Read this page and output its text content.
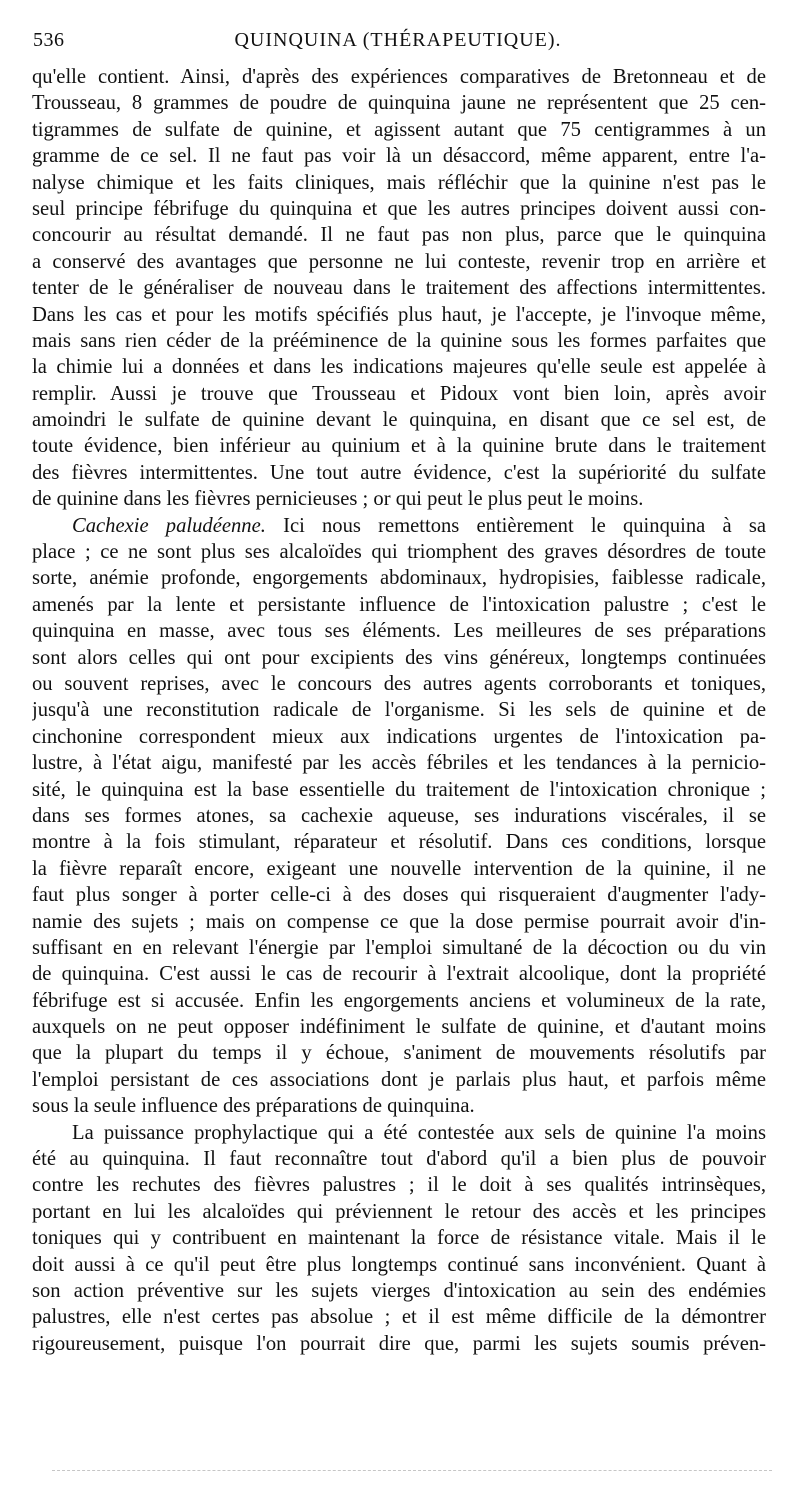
536	QUINQUINA (THÉRAPEUTIQUE).
qu'elle contient. Ainsi, d'après des expériences comparatives de Bretonneau et de
Trousseau, 8 grammes de poudre de quinquina jaune ne représentent que 25 cen-
tigrammes de sulfate de quinine, et agissent autant que 75 centigrammes à un
gramme de ce sel. Il ne faut pas voir là un désaccord, même apparent, entre l'a-
nalyse chimique et les faits cliniques, mais réfléchir que la quinine n'est pas le
seul principe fébrifuge du quinquina et que les autres principes doivent aussi con-
concourir au résultat demandé. Il ne faut pas non plus, parce que le quinquina
a conservé des avantages que personne ne lui conteste, revenir trop en arrière et
tenter de le généraliser de nouveau dans le traitement des affections intermittentes.
Dans les cas et pour les motifs spécifiés plus haut, je l'accepte, je l'invoque même,
mais sans rien céder de la prééminence de la quinine sous les formes parfaites que
la chimie lui a données et dans les indications majeures qu'elle seule est appelée à
remplir. Aussi je trouve que Trousseau et Pidoux vont bien loin, après avoir
amoindri le sulfate de quinine devant le quinquina, en disant que ce sel est, de
toute évidence, bien inférieur au quinium et à la quinine brute dans le traitement
des fièvres intermittentes. Une tout autre évidence, c'est la supériorité du sulfate
de quinine dans les fièvres pernicieuses ; or qui peut le plus peut le moins.
Cachexie paludéenne. Ici nous remettons entièrement le quinquina à sa
place ; ce ne sont plus ses alcaloïdes qui triomphent des graves désordres de toute
sorte, anémie profonde, engorgements abdominaux, hydropisies, faiblesse radicale,
amenés par la lente et persistante influence de l'intoxication palustre ; c'est le
quinquina en masse, avec tous ses éléments. Les meilleures de ses préparations
sont alors celles qui ont pour excipients des vins généreux, longtemps continuées
ou souvent reprises, avec le concours des autres agents corroborants et toniques,
jusqu'à une reconstitution radicale de l'organisme. Si les sels de quinine et de
cinchonine correspondent mieux aux indications urgentes de l'intoxication pa-
lustre, à l'état aigu, manifesté par les accès fébriles et les tendances à la pernicio-
sité, le quinquina est la base essentielle du traitement de l'intoxication chronique ;
dans ses formes atones, sa cachexie aqueuse, ses indurations viscérales, il se
montre à la fois stimulant, réparateur et résolutif. Dans ces conditions, lorsque
la fièvre reparaît encore, exigeant une nouvelle intervention de la quinine, il ne
faut plus songer à porter celle-ci à des doses qui risqueraient d'augmenter l'ady-
namie des sujets ; mais on compense ce que la dose permise pourrait avoir d'in-
suffisant en en relevant l'énergie par l'emploi simultané de la décoction ou du vin
de quinquina. C'est aussi le cas de recourir à l'extrait alcoolique, dont la propriété
fébrifuge est si accusée. Enfin les engorgements anciens et volumineux de la rate,
auxquels on ne peut opposer indéfiniment le sulfate de quinine, et d'autant moins
que la plupart du temps il y échoue, s'animent de mouvements résolutifs par
l'emploi persistant de ces associations dont je parlais plus haut, et parfois même
sous la seule influence des préparations de quinquina.
La puissance prophylactique qui a été contestée aux sels de quinine l'a moins
été au quinquina. Il faut reconnaître tout d'abord qu'il a bien plus de pouvoir
contre les rechutes des fièvres palustres ; il le doit à ses qualités intrinsèques,
portant en lui les alcaloïdes qui préviennent le retour des accès et les principes
toniques qui y contribuent en maintenant la force de résistance vitale. Mais il le
doit aussi à ce qu'il peut être plus longtemps continué sans inconvénient. Quant à
son action préventive sur les sujets vierges d'intoxication au sein des endémies
palustres, elle n'est certes pas absolue ; et il est même difficile de la démontrer
rigoureusement, puisque l'on pourrait dire que, parmi les sujets soumis préven-
